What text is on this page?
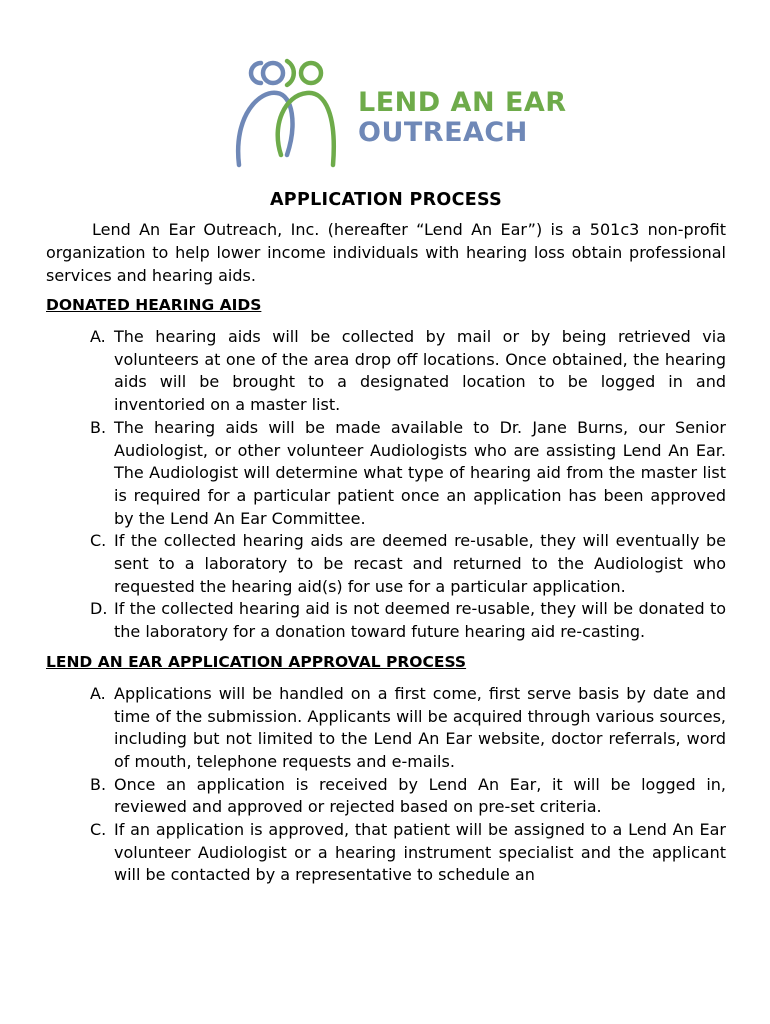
LEND AN EAR
OUTREACH
APPLICATION PROCESS

Lend An Ear Outreach, Inc. (hereafter “Lend An Ear”) is a 501c3 non-profit organization to help lower income individuals with hearing loss obtain professional services and hearing aids.

DONATED HEARING AIDS
A. The hearing aids will be collected by mail or by being retrieved via volunteers at one of the area drop off locations. Once obtained, the hearing aids will be brought to a designated location to be logged in and inventoried on a master list.
B. The hearing aids will be made available to Dr. Jane Burns, our Senior Audiologist, or other volunteer Audiologists who are assisting Lend An Ear. The Audiologist will determine what type of hearing aid from the master list is required for a particular patient once an application has been approved by the Lend An Ear Committee.
C. If the collected hearing aids are deemed re-usable, they will eventually be sent to a laboratory to be recast and returned to the Audiologist who requested the hearing aid(s) for use for a particular application.
D. If the collected hearing aid is not deemed re-usable, they will be donated to the laboratory for a donation toward future hearing aid re-casting.
LEND AN EAR APPLICATION APPROVAL PROCESS
A. Applications will be handled on a first come, first serve basis by date and time of the submission. Applicants will be acquired through various sources, including but not limited to the Lend An Ear website, doctor referrals, word of mouth, telephone requests and e-mails.
B. Once an application is received by Lend An Ear, it will be logged in, reviewed and approved or rejected based on pre-set criteria.
C. If an application is approved, that patient will be assigned to a Lend An Ear volunteer Audiologist or a hearing instrument specialist and the applicant will be contacted by a representative to schedule an
